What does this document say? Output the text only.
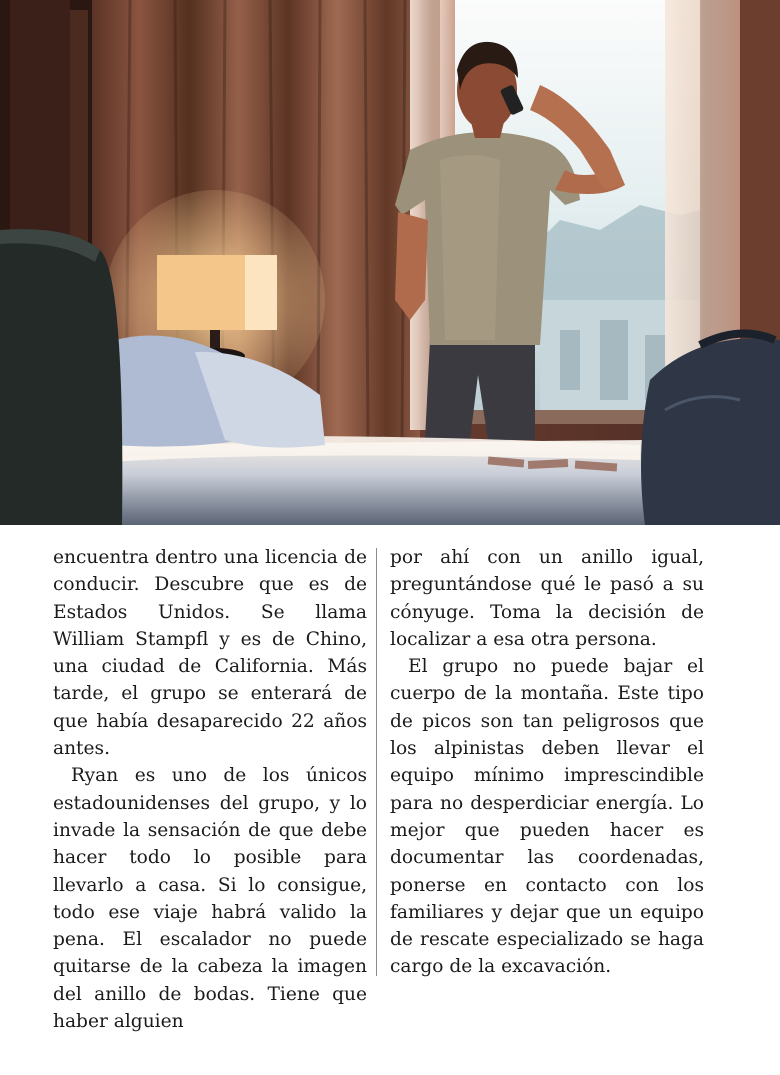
encuentra dentro una licencia de conducir. Descubre que es de Estados Unidos. Se llama William Stampfl y es de Chino, una ciudad de California. Más tarde, el grupo se enterará de que había desaparecido 22 años antes.

Ryan es uno de los únicos estadounidenses del grupo, y lo invade la sensación de que debe hacer todo lo posible para llevarlo a casa. Si lo consigue, todo ese viaje habrá valido la pena. El escalador no puede quitarse de la cabeza la imagen del anillo de bodas. Tiene que haber alguien

por ahí con un anillo igual, preguntándose qué le pasó a su cónyuge. Toma la decisión de localizar a esa otra persona.

El grupo no puede bajar el cuerpo de la montaña. Este tipo de picos son tan peligrosos que los alpinistas deben llevar el equipo mínimo imprescindible para no desperdiciar energía. Lo mejor que pueden hacer es documentar las coordenadas, ponerse en contacto con los familiares y dejar que un equipo de rescate especializado se haga cargo de la excavación.
